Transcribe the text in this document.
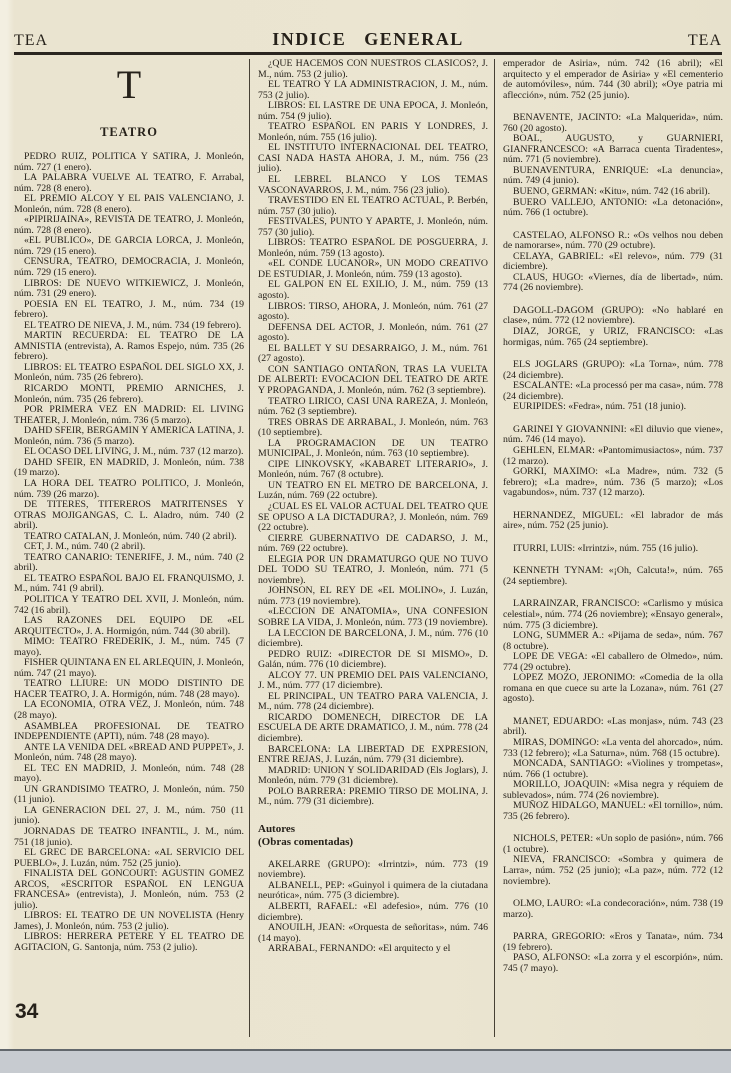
TEA	INDICE GENERAL	TEA
T
TEATRO

PEDRO RUIZ, POLITICA Y SATIRA, J. Monleón, núm. 727 (1 enero).

LA PALABRA VUELVE AL TEATRO, F. Arrabal, núm. 728 (8 enero).

EL PREMIO ALCOY Y EL PAIS VALENCIANO, J. Monleón, núm. 728 (8 enero).

«PIPIRIJAINA», REVISTA DE TEATRO, J. Monleón, núm. 728 (8 enero).

«EL PUBLICO», DE GARCIA LORCA, J. Monleón, núm. 729 (15 enero).

CENSURA, TEATRO, DEMOCRACIA, J. Monleón, núm. 729 (15 enero).

LIBROS: DE NUEVO WITKIEWICZ, J. Monleón, núm. 731 (29 enero).

POESIA EN EL TEATRO, J. M., núm. 734 (19 febrero).

EL TEATRO DE NIEVA, J. M., núm. 734 (19 febrero).

MARTIN RECUERDA: EL TEATRO DE LA AMNISTIA (entrevista), A. Ramos Espejo, núm. 735 (26 febrero).

LIBROS: EL TEATRO ESPAÑOL DEL SIGLO XX, J. Monleón, núm. 735 (26 febrero).

RICARDO MONTI, PREMIO ARNICHES, J. Monleón, núm. 735 (26 febrero).

POR PRIMERA VEZ EN MADRID: EL LIVING THEATER, J. Monleón, núm. 736 (5 marzo).

DAHD SFEIR, BERGAMIN Y AMERICA LATINA, J. Monleón, núm. 736 (5 marzo).

EL OCASO DEL LIVING, J. M., núm. 737 (12 marzo).

DAHD SFEIR, EN MADRID, J. Monleón, núm. 738 (19 marzo).

LA HORA DEL TEATRO POLITICO, J. Monleón, núm. 739 (26 marzo).

DE TITERES, TITEREROS MATRITENSES Y OTRAS MOJIGANGAS, C. L. Aladro, núm. 740 (2 abril).

TEATRO CATALAN, J. Monleón, núm. 740 (2 abril).

CET, J. M., núm. 740 (2 abril).

TEATRO CANARIO: TENERIFE, J. M., núm. 740 (2 abril).

EL TEATRO ESPAÑOL BAJO EL FRANQUISMO, J. M., núm. 741 (9 abril).

POLITICA Y TEATRO DEL XVII, J. Monleón, núm. 742 (16 abril).

LAS RAZONES DEL EQUIPO DE «EL ARQUITECTO», J. A. Hormigón, núm. 744 (30 abril).

MIMO: TEATRO FREDERIK, J. M., núm. 745 (7 mayo).

FISHER QUINTANA EN EL ARLEQUIN, J. Monleón, núm. 747 (21 mayo).

TEATRO LLIURE: UN MODO DISTINTO DE HACER TEATRO, J. A. Hormigón, núm. 748 (28 mayo).

LA ECONOMIA, OTRA VEZ, J. Monleón, núm. 748 (28 mayo).

ASAMBLEA PROFESIONAL DE TEATRO INDEPENDIENTE (APTI), núm. 748 (28 mayo).

ANTE LA VENIDA DEL «BREAD AND PUPPET», J. Monleón, núm. 748 (28 mayo).

EL TEC EN MADRID, J. Monleón, núm. 748 (28 mayo).

UN GRANDISIMO TEATRO, J. Monleón, núm. 750 (11 junio).

LA GENERACION DEL 27, J. M., núm. 750 (11 junio).

JORNADAS DE TEATRO INFANTIL, J. M., núm. 751 (18 junio).

EL GREC DE BARCELONA: «AL SERVICIO DEL PUEBLO», J. Luzán, núm. 752 (25 junio).

FINALISTA DEL GONCOURT: AGUSTIN GOMEZ ARCOS, «ESCRITOR ESPAÑOL EN LENGUA FRANCESA» (entrevista), J. Monleón, núm. 753 (2 julio).

LIBROS: EL TEATRO DE UN NOVELISTA (Henry James), J. Monleón, núm. 753 (2 julio).

LIBROS: HERRERA PETERE Y EL TEATRO DE AGITACION, G. Santonja, núm. 753 (2 julio).

¿QUE HACEMOS CON NUESTROS CLASICOS?, J. M., núm. 753 (2 julio).

EL TEATRO Y LA ADMINISTRACION, J. M., núm. 753 (2 julio).

LIBROS: EL LASTRE DE UNA EPOCA, J. Monleón, núm. 754 (9 julio).

TEATRO ESPAÑOL EN PARIS Y LONDRES, J. Monleón, núm. 755 (16 julio).

EL INSTITUTO INTERNACIONAL DEL TEATRO, CASI NADA HASTA AHORA, J. M., núm. 756 (23 julio).

EL LEBREL BLANCO Y LOS TEMAS VASCONAVARROS, J. M., núm. 756 (23 julio).

TRAVESTIDO EN EL TEATRO ACTUAL, P. Berbén, núm. 757 (30 julio).

FESTIVALES, PUNTO Y APARTE, J. Monleón, núm. 757 (30 julio).

LIBROS: TEATRO ESPAÑOL DE POSGUERRA, J. Monleón, núm. 759 (13 agosto).

«EL CONDE LUCANOR», UN MODO CREATIVO DE ESTUDIAR, J. Monleón, núm. 759 (13 agosto).

EL GALPON EN EL EXILIO, J. M., núm. 759 (13 agosto).

LIBROS: TIRSO, AHORA, J. Monleón, núm. 761 (27 agosto).

DEFENSA DEL ACTOR, J. Monleón, núm. 761 (27 agosto).

EL BALLET Y SU DESARRAIGO, J. M., núm. 761 (27 agosto).

CON SANTIAGO ONTAÑON, TRAS LA VUELTA DE ALBERTI: EVOCACION DEL TEATRO DE ARTE Y PROPAGANDA, J. Monleón, núm. 762 (3 septiembre).

TEATRO LIRICO, CASI UNA RAREZA, J. Monleón, núm. 762 (3 septiembre).

TRES OBRAS DE ARRABAL, J. Monleón, núm. 763 (10 septiembre).

LA PROGRAMACION DE UN TEATRO MUNICIPAL, J. Monleón, núm. 763 (10 septiembre).

CIPE LINKOVSKY, «KABARET LITERARIO», J. Monleón, núm. 767 (8 octubre).

UN TEATRO EN EL METRO DE BARCELONA, J. Luzán, núm. 769 (22 octubre).

¿CUAL ES EL VALOR ACTUAL DEL TEATRO QUE SE OPUSO A LA DICTADURA?, J. Monleón, núm. 769 (22 octubre).

CIERRE GUBERNATIVO DE CADARSO, J. M., núm. 769 (22 octubre).

ELEGIA POR UN DRAMATURGO QUE NO TUVO DEL TODO SU TEATRO, J. Monleón, núm. 771 (5 noviembre).

JOHNSON, EL REY DE «EL MOLINO», J. Luzán, núm. 773 (19 noviembre).

«LECCION DE ANATOMIA», UNA CONFESION SOBRE LA VIDA, J. Monleón, núm. 773 (19 noviembre).

LA LECCION DE BARCELONA, J. M., núm. 776 (10 diciembre).

PEDRO RUIZ: «DIRECTOR DE SI MISMO», D. Galán, núm. 776 (10 diciembre).

ALCOY 77. UN PREMIO DEL PAIS VALENCIANO, J. M., núm. 777 (17 diciembre).

EL PRINCIPAL, UN TEATRO PARA VALENCIA, J. M., núm. 778 (24 diciembre).

RICARDO DOMENECH, DIRECTOR DE LA ESCUELA DE ARTE DRAMATICO, J. M., núm. 778 (24 diciembre).

BARCELONA: LA LIBERTAD DE EXPRESION, ENTRE REJAS, J. Luzán, núm. 779 (31 diciembre).

MADRID: UNION Y SOLIDARIDAD (Els Joglars), J. Monleón, núm. 779 (31 diciembre).

POLO BARRERA: PREMIO TIRSO DE MOLINA, J. M., núm. 779 (31 diciembre).

Autores
(Obras comentadas)

AKELARRE (GRUPO): «Irrintzi», núm. 773 (19 noviembre).

ALBANELL, PEP: «Guinyol i quimera de la ciutadana neurótica», núm. 775 (3 diciembre).

ALBERTI, RAFAEL: «El adefesio», núm. 776 (10 diciembre).

ANOUILH, JEAN: «Orquesta de señoritas», núm. 746 (14 mayo).

ARRABAL, FERNANDO: «El arquitecto y el

emperador de Asiria», núm. 742 (16 abril); «El arquitecto y el emperador de Asiria» y «El cementerio de automóviles», núm. 744 (30 abril); «Oye patria mi aflección», núm. 752 (25 junio).

BENAVENTE, JACINTO: «La Malquerida», núm. 760 (20 agosto).

BOAL, AUGUSTO, y GUARNIERI, GIANFRANCESCO: «A Barraca cuenta Tiradentes», núm. 771 (5 noviembre).

BUENAVENTURA, ENRIQUE: «La denuncia», núm. 749 (4 junio).

BUENO, GERMAN: «Kitu», núm. 742 (16 abril).

BUERO VALLEJO, ANTONIO: «La detonación», núm. 766 (1 octubre).

CASTELAO, ALFONSO R.: «Os velhos nou deben de namorarse», núm. 770 (29 octubre).

CELAYA, GABRIEL: «El relevo», núm. 779 (31 diciembre).

CLAUS, HUGO: «Viernes, día de libertad», núm. 774 (26 noviembre).

DAGOLL-DAGOM (GRUPO): «No hablaré en clase», núm. 772 (12 noviembre).

DIAZ, JORGE, y URIZ, FRANCISCO: «Las hormigas, núm. 765 (24 septiembre).

ELS JOGLARS (GRUPO): «La Torna», núm. 778 (24 diciembre).

ESCALANTE: «La processó per ma casa», núm. 778 (24 diciembre).

EURIPIDES: «Fedra», núm. 751 (18 junio).

GARINEI Y GIOVANNINI: «El diluvio que viene», núm. 746 (14 mayo).

GEHLEN, ELMAR: «Pantomimusiactos», núm. 737 (12 marzo).

GORKI, MAXIMO: «La Madre», núm. 732 (5 febrero); «La madre», núm. 736 (5 marzo); «Los vagabundos», núm. 737 (12 marzo).

HERNANDEZ, MIGUEL: «El labrador de más aire», núm. 752 (25 junio).

ITURRI, LUIS: «Irrintzi», núm. 755 (16 julio).

KENNETH TYNAM: «¡Oh, Calcuta!», núm. 765 (24 septiembre).

LARRAINZAR, FRANCISCO: «Carlismo y música celestial», núm. 774 (26 noviembre); «Ensayo general», núm. 775 (3 diciembre).

LONG, SUMMER A.: «Pijama de seda», núm. 767 (8 octubre).

LOPE DE VEGA: «El caballero de Olmedo», núm. 774 (29 octubre).

LOPEZ MOZO, JERONIMO: «Comedia de la olla romana en que cuece su arte la Lozana», núm. 761 (27 agosto).

MANET, EDUARDO: «Las monjas», núm. 743 (23 abril).

MIRAS, DOMINGO: «La venta del ahorcado», núm. 733 (12 febrero); «La Saturna», núm. 768 (15 octubre).

MONCADA, SANTIAGO: «Violines y trompetas», núm. 766 (1 octubre).

MORILLO, JOAQUIN: «Misa negra y réquiem de sublevados», núm. 774 (26 noviembre).

MUÑOZ HIDALGO, MANUEL: «El tornillo», núm. 735 (26 febrero).

NICHOLS, PETER: «Un soplo de pasión», núm. 766 (1 octubre).

NIEVA, FRANCISCO: «Sombra y quimera de Larra», núm. 752 (25 junio); «La paz», núm. 772 (12 noviembre).

OLMO, LAURO: «La condecoración», núm. 738 (19 marzo).

PARRA, GREGORIO: «Eros y Tanata», núm. 734 (19 febrero).

PASO, ALFONSO: «La zorra y el escorpión», núm. 745 (7 mayo).

34
